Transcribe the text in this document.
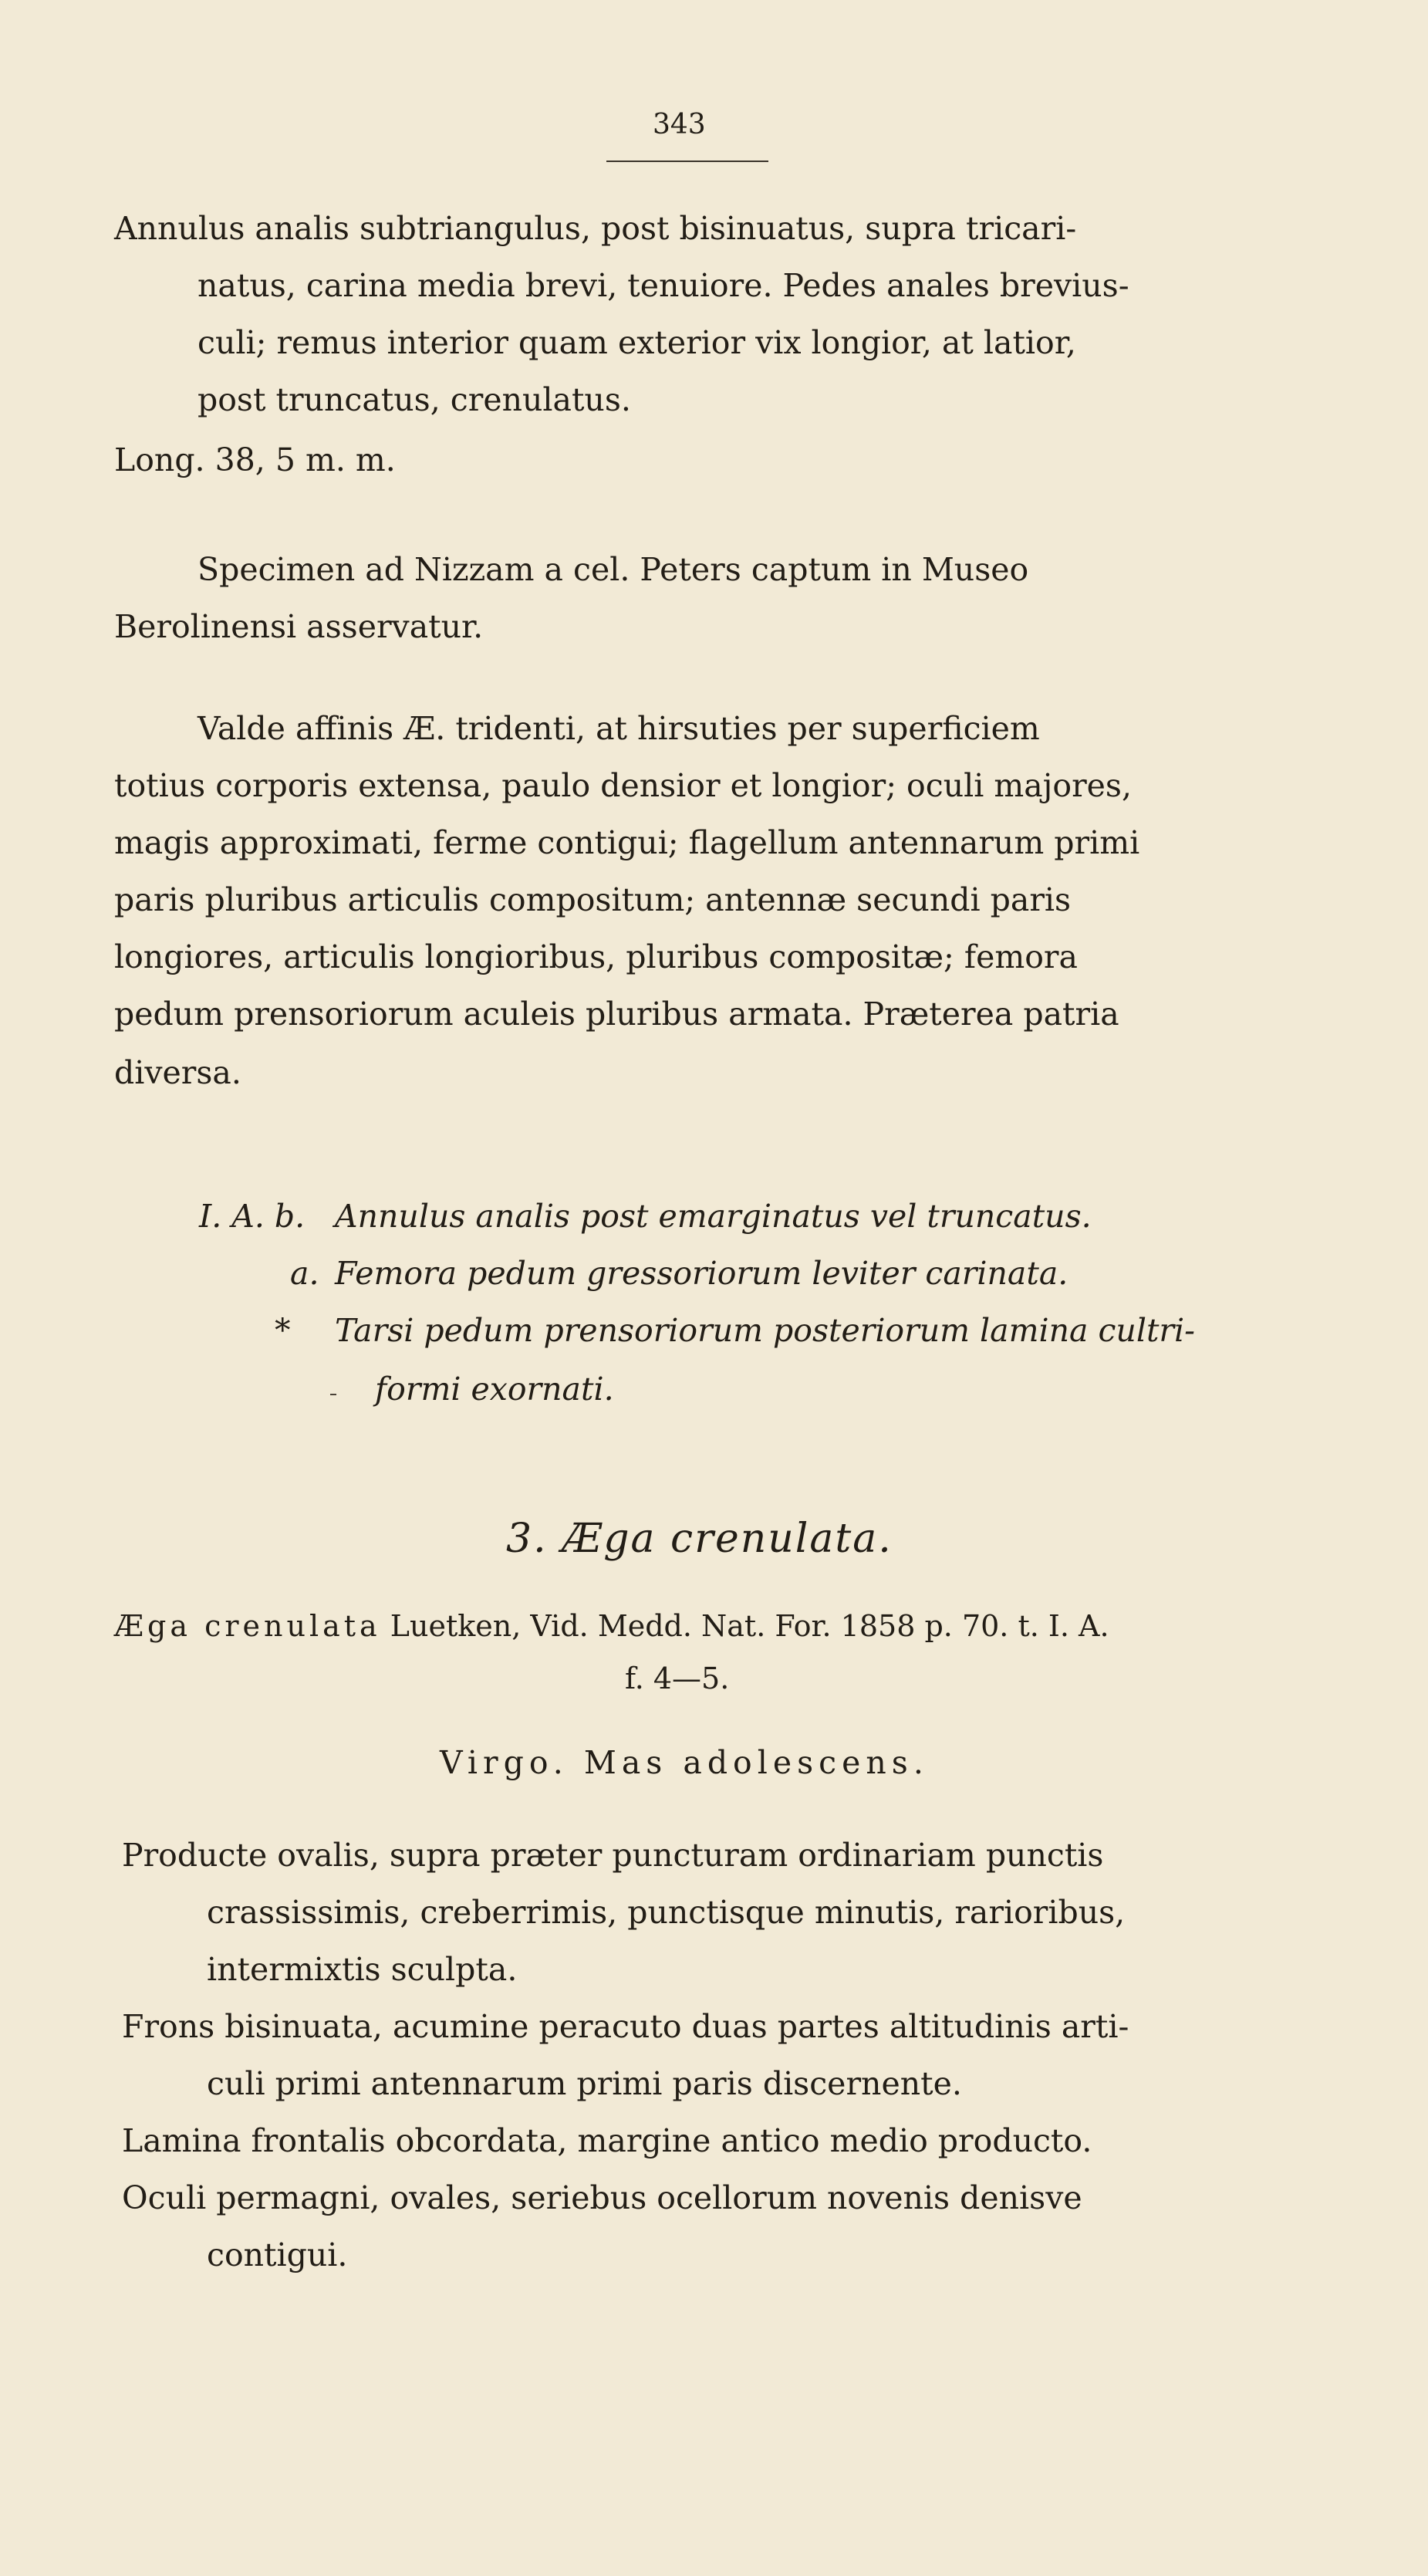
343
Annulus analis subtriangulus, post bisinuatus, supra tricari-
natus, carina media brevi, tenuiore. Pedes anales brevius-
culi; remus interior quam exterior vix longior, at latior,
post truncatus, crenulatus.
Long. 38, 5 m. m.
Specimen ad Nizzam a cel. Peters captum in Museo
Berolinensi asservatur.
Valde affinis Æ. tridenti, at hirsuties per superficiem
totius corporis extensa, paulo densior et longior; oculi majores,
magis approximati, ferme contigui; flagellum antennarum primi
paris pluribus articulis compositum; antennæ secundi paris
longiores, articulis longioribus, pluribus compositæ; femora
pedum prensoriorum aculeis pluribus armata. Præterea patria
diversa.
I. A. b. Annulus analis post emarginatus vel truncatus.
a. Femora pedum gressoriorum leviter carinata.
* Tarsi pedum prensoriorum posteriorum lamina cultri-
formi exornati.
3. Ægа crenulata.
Æga crenulata Luetken, Vid. Medd. Nat. For. 1858 p. 70. t. I. A.
f. 4—5.
Virgo. Mas adolescens.
Producte ovalis, supra præter puncturam ordinariam punctis
crassissimis, creberrimis, punctisque minutis, rarioribus,
intermixtis sculpta.
Frons bisinuata, acumine peracuto duas partes altitudinis arti-
culi primi antennarum primi paris discernente.
Lamina frontalis obcordata, margine antico medio producto.
Oculi permagni, ovales, seriebus ocellorum novenis denisve
contigui.
